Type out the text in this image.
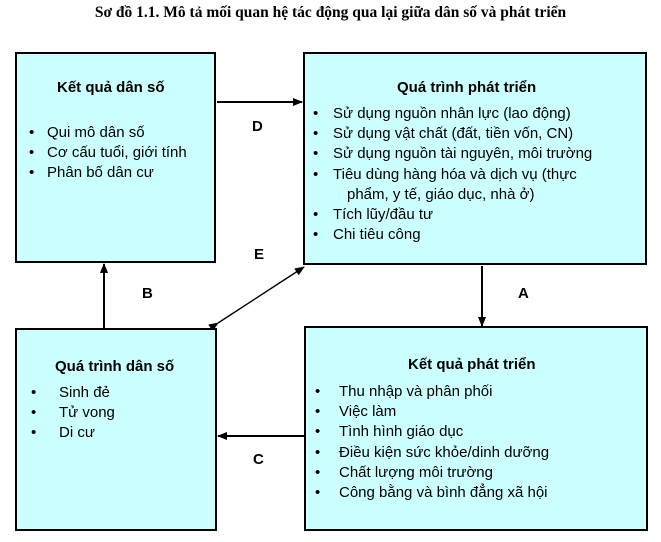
Sơ đồ 1.1. Mô tả mối quan hệ tác động qua lại giữa dân số và phát triển
Kết quả dân số
• Qui mô dân số
• Cơ cấu tuổi, giới tính
• Phân bố dân cư
Quá trình phát triển
• Sử dụng nguồn nhân lực (lao động)
• Sử dụng vật chất (đất, tiền vốn, CN)
• Sử dụng nguồn tài nguyên, môi trường
• Tiêu dùng hàng hóa và dịch vụ (thực
phẩm, y tế, giáo dục, nhà ở)
• Tích lũy/đầu tư
• Chi tiêu công
Quá trình dân số
• Sinh đẻ
• Tử vong
• Di cư
Kết quả phát triển
• Thu nhập và phân phối
• Việc làm
• Tình hình giáo dục
• Điều kiện sức khỏe/dinh dưỡng
• Chất lượng môi trường
• Công bằng và bình đẳng xã hội
D
E
B	A
C
